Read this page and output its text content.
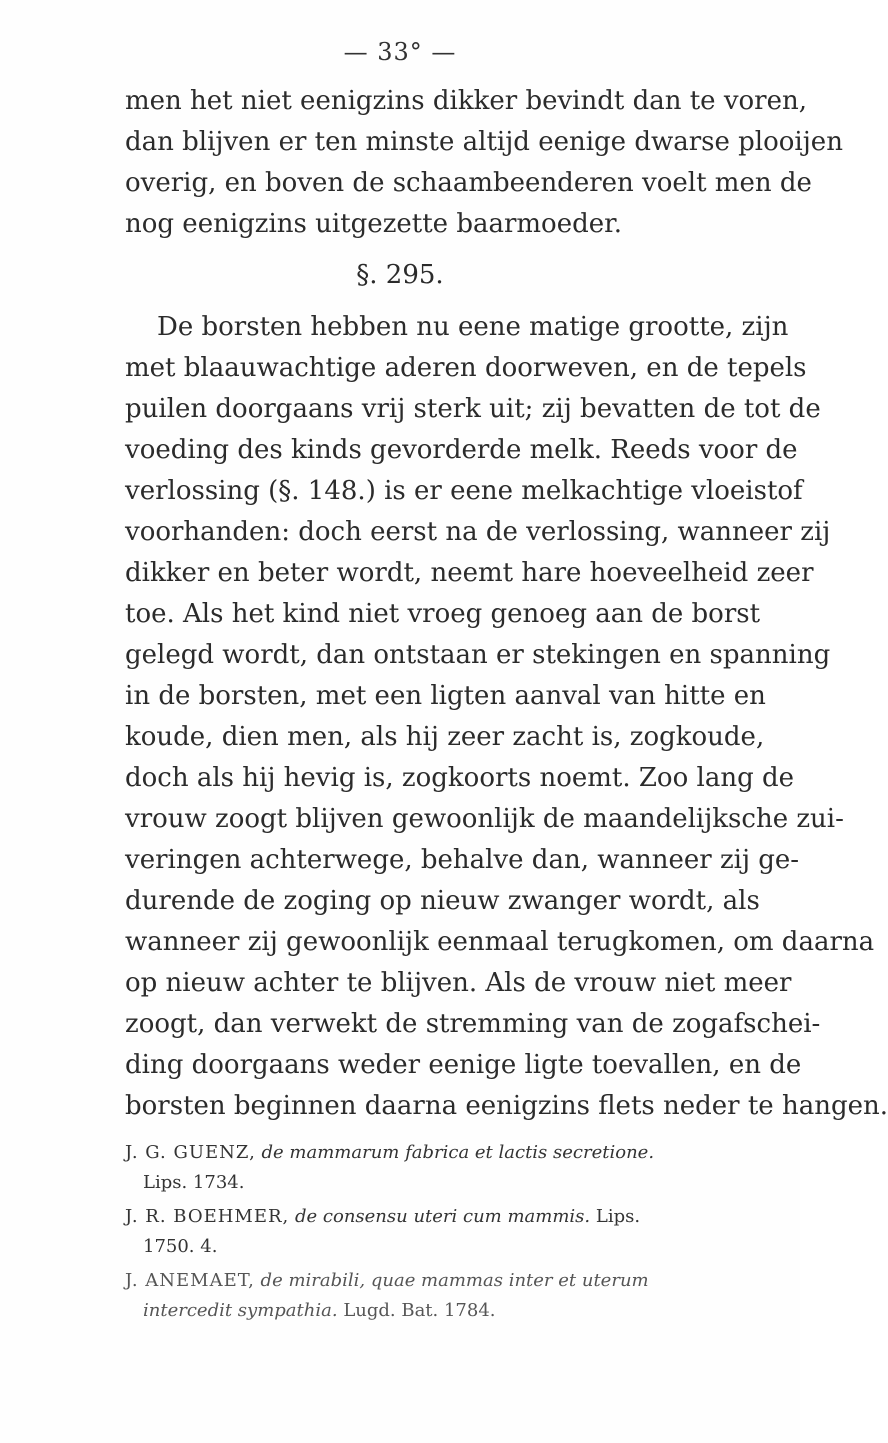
— 33° —
men het niet eenigzins dikker bevindt dan te voren,
dan blijven er ten minste altijd eenige dwarse plooijen
overig, en boven de schaambeenderen voelt men de
nog eenigzins uitgezette baarmoeder.
§. 295.
De borsten hebben nu eene matige grootte, zijn
met blaauwachtige aderen doorweven, en de tepels
puilen doorgaans vrij sterk uit; zij bevatten de tot de
voeding des kinds gevorderde melk. Reeds voor de
verlossing (§. 148.) is er eene melkachtige vloeistof
voorhanden: doch eerst na de verlossing, wanneer zij
dikker en beter wordt, neemt hare hoeveelheid zeer
toe. Als het kind niet vroeg genoeg aan de borst
gelegd wordt, dan ontstaan er stekingen en spanning
in de borsten, met een ligten aanval van hitte en
koude, dien men, als hij zeer zacht is, zogkoude,
doch als hij hevig is, zogkoorts noemt. Zoo lang de
vrouw zoogt blijven gewoonlijk de maandelijksche zui-
veringen achterwege, behalve dan, wanneer zij ge-
durende de zoging op nieuw zwanger wordt, als
wanneer zij gewoonlijk eenmaal terugkomen, om daarna
op nieuw achter te blijven. Als de vrouw niet meer
zoogt, dan verwekt de stremming van de zogafschei-
ding doorgaans weder eenige ligte toevallen, en de
borsten beginnen daarna eenigzins flets neder te hangen.
J. G. GUENZ, de mammarum fabrica et lactis secretione.
Lips. 1734.
J. R. BOEHMER, de consensu uteri cum mammis. Lips.
1750. 4.
J. ANEMAET, de mirabili, quae mammas inter et uterum
intercedit sympathia. Lugd. Bat. 1784.
